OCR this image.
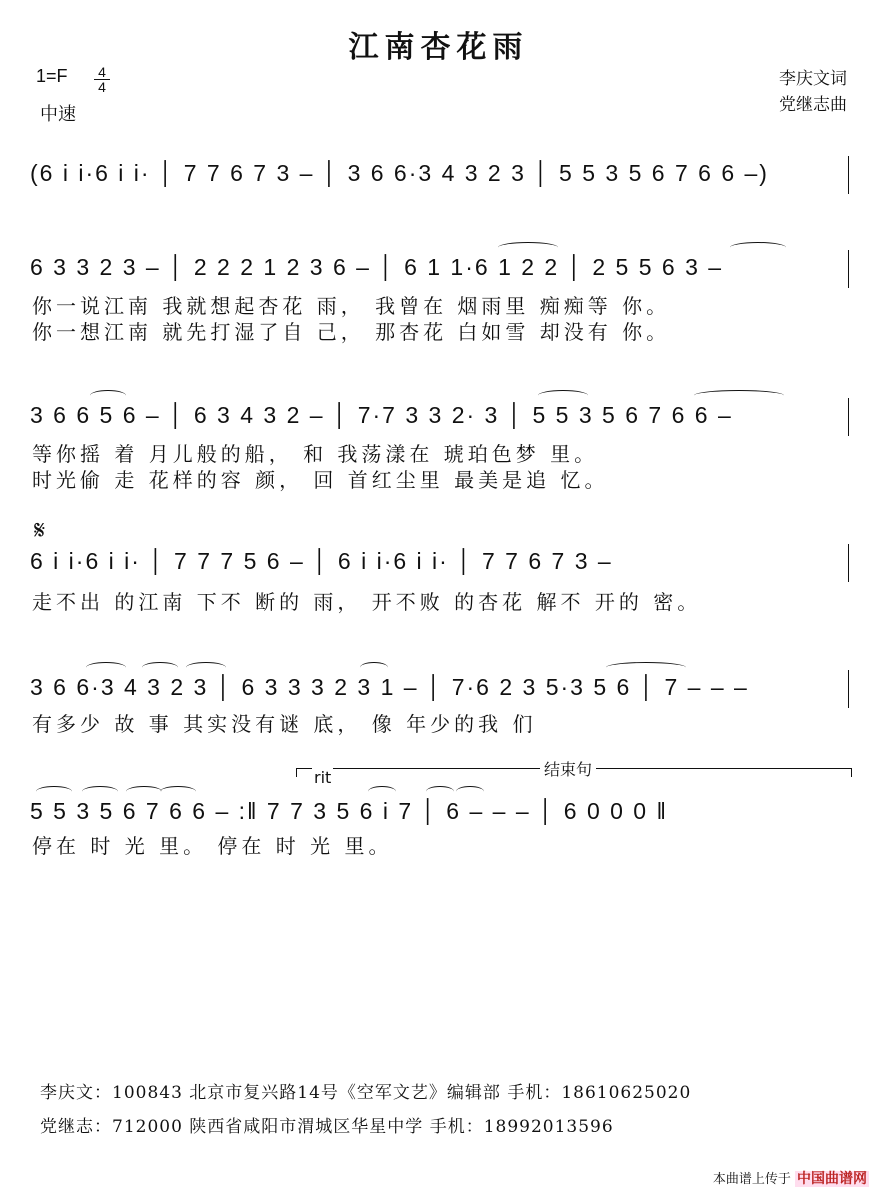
江南杏花雨
1=F 4
4
中速
李庆文词
党继志曲
(6 i i·6 i i· │ 7 7 6 7 3 – │ 3 6 6·3 4 3 2 3 │ 5 5 3 5 6 7 6 6 –)
6 3 3 2 3 – │ 2 2 2 1 2 3 6 – │ 6 1 1·6 1 2 2 │ 2 5 5 6 3 –
你一说江南 我就想起杏花 雨， 我曾在 烟雨里 痴痴等 你。
你一想江南 就先打湿了自 己， 那杏花 白如雪 却没有 你。
3 6 6 5 6 – │ 6 3 4 3 2 – │ 7·7 3 3 2· 3 │ 5 5 3 5 6 7 6 6 –
等你摇 着 月儿般的船， 和 我荡漾在 琥珀色梦 里。
时光偷 走 花样的容 颜， 回 首红尘里 最美是追 忆。
𝄋
6 i i·6 i i· │ 7 7 7 5 6 – │ 6 i i·6 i i· │ 7 7 6 7 3 –
走不出 的江南 下不 断的 雨， 开不败 的杏花 解不 开的 密。
3 6 6·3 4 3 2 3 │ 6 3 3 3 2 3 1 – │ 7·6 2 3 5·3 5 6 │ 7 – – –
有多少 故 事 其实没有谜 底， 像 年少的我 们
rit	结束句
5 5 3 5 6 7 6 6 – :‖ 7 7 3 5 6 i 7 │ 6 – – – │ 6 0 0 0 ‖
停在 时 光 里。 停在 时 光 里。
李庆文：100843 北京市复兴路14号《空军文艺》编辑部 手机：18610625020
党继志：712000 陕西省咸阳市渭城区华星中学 手机：18992013596
本曲谱上传于 中国曲谱网
